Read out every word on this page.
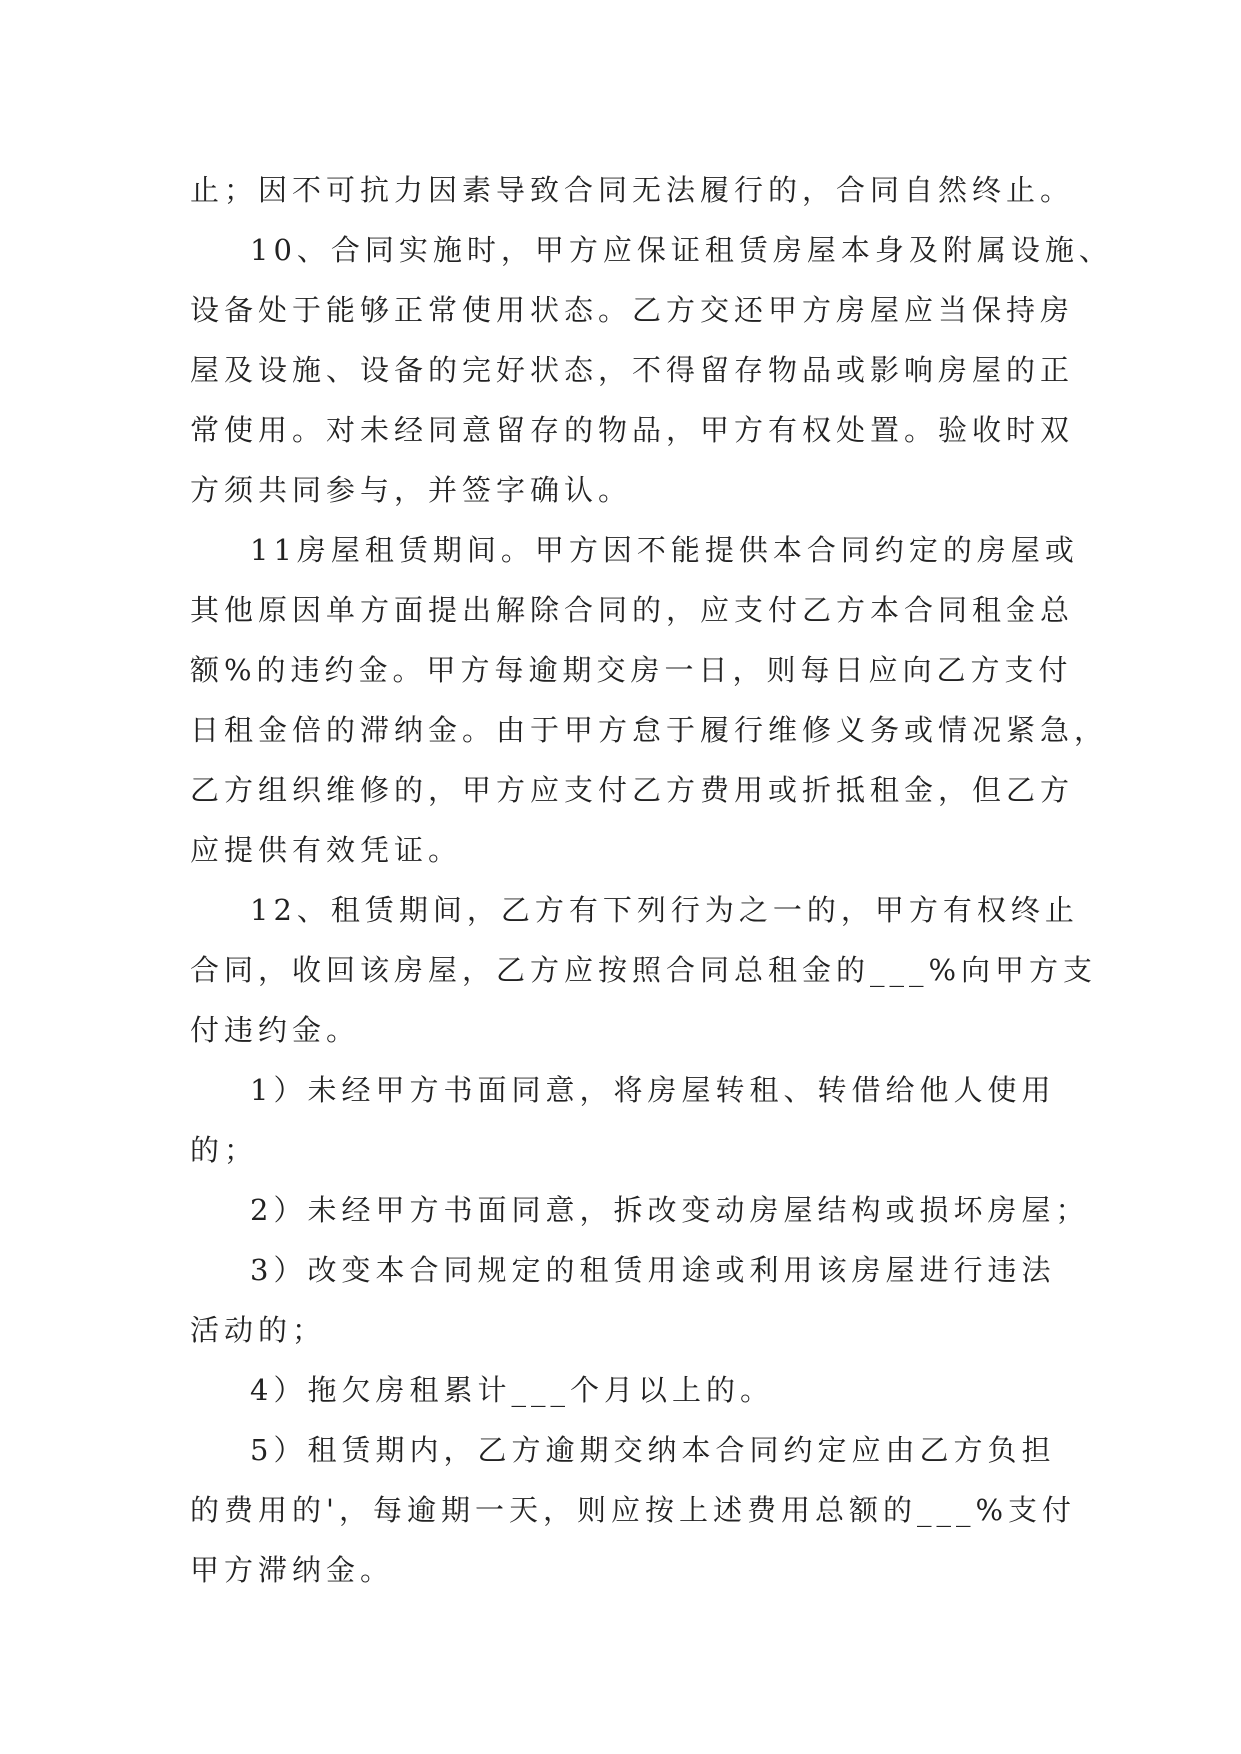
止；因不可抗力因素导致合同无法履行的，合同自然终止。
10、合同实施时，甲方应保证租赁房屋本身及附属设施、
设备处于能够正常使用状态。乙方交还甲方房屋应当保持房
屋及设施、设备的完好状态，不得留存物品或影响房屋的正
常使用。对未经同意留存的物品，甲方有权处置。验收时双
方须共同参与，并签字确认。
11房屋租赁期间。甲方因不能提供本合同约定的房屋或
其他原因单方面提出解除合同的，应支付乙方本合同租金总
额%的违约金。甲方每逾期交房一日，则每日应向乙方支付
日租金倍的滞纳金。由于甲方怠于履行维修义务或情况紧急，
乙方组织维修的，甲方应支付乙方费用或折抵租金，但乙方
应提供有效凭证。
12、租赁期间，乙方有下列行为之一的，甲方有权终止
合同，收回该房屋，乙方应按照合同总租金的___%向甲方支
付违约金。
1）未经甲方书面同意，将房屋转租、转借给他人使用
的；
2）未经甲方书面同意，拆改变动房屋结构或损坏房屋；
3）改变本合同规定的租赁用途或利用该房屋进行违法
活动的；
4）拖欠房租累计___个月以上的。
5）租赁期内，乙方逾期交纳本合同约定应由乙方负担
的费用的'，每逾期一天，则应按上述费用总额的___%支付
甲方滞纳金。
